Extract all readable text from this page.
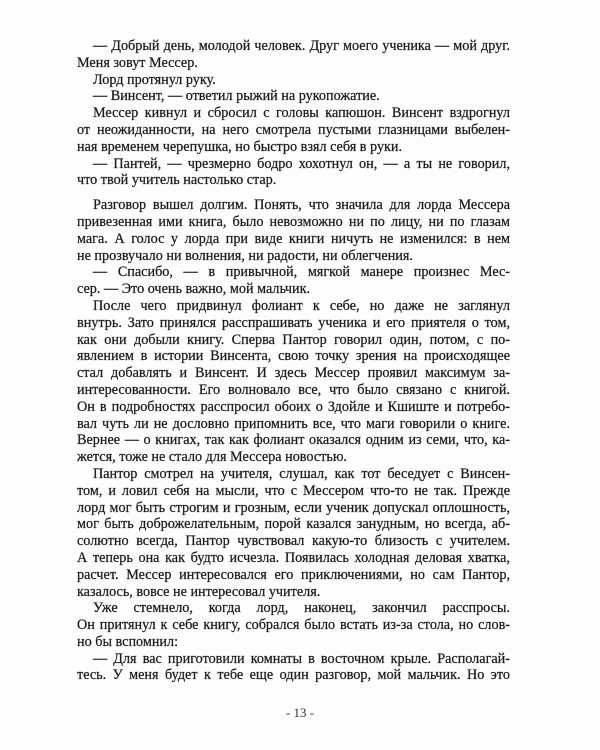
— Добрый день, молодой человек. Друг моего ученика — мой друг.
Меня зовут Мессер.
Лорд протянул руку.
— Винсент, — ответил рыжий на рукопожатие.
Мессер кивнул и сбросил с головы капюшон. Винсент вздрогнул
от неожиданности, на него смотрела пустыми глазницами выбелен-
ная временем черепушка, но быстро взял себя в руки.
— Пантей, — чрезмерно бодро хохотнул он, — а ты не говорил,
что твой учитель настолько стар.
Разговор вышел долгим. Понять, что значила для лорда Мессера
привезенная ими книга, было невозможно ни по лицу, ни по глазам
мага. А голос у лорда при виде книги ничуть не изменился: в нем
не прозвучало ни волнения, ни радости, ни облегчения.
— Спасибо, — в привычной, мягкой манере произнес Мес-
сер. — Это очень важно, мой мальчик.
После чего придвинул фолиант к себе, но даже не заглянул
внутрь. Зато принялся расспрашивать ученика и его приятеля о том,
как они добыли книгу. Сперва Пантор говорил один, потом, с по-
явлением в истории Винсента, свою точку зрения на происходящее
стал добавлять и Винсент. И здесь Мессер проявил максимум за-
интересованности. Его волновало все, что было связано с книгой.
Он в подробностях расспросил обоих о Здойле и Кшиште и потребо-
вал чуть ли не дословно припомнить все, что маги говорили о книге.
Вернее — о книгах, так как фолиант оказался одним из семи, что, ка-
жется, тоже не стало для Мессера новостью.
Пантор смотрел на учителя, слушал, как тот беседует с Винсен-
том, и ловил себя на мысли, что с Мессером что-то не так. Прежде
лорд мог быть строгим и грозным, если ученик допускал оплошность,
мог быть доброжелательным, порой казался занудным, но всегда, аб-
солютно всегда, Пантор чувствовал какую-то близость с учителем.
А теперь она как будто исчезла. Появилась холодная деловая хватка,
расчет. Мессер интересовался его приключениями, но сам Пантор,
казалось, вовсе не интересовал учителя.
Уже стемнело, когда лорд, наконец, закончил расспросы.
Он притянул к себе книгу, собрался было встать из-за стола, но слов-
но бы вспомнил:
— Для вас приготовили комнаты в восточном крыле. Располагай-
тесь. У меня будет к тебе еще один разговор, мой мальчик. Но это
- 13 -
